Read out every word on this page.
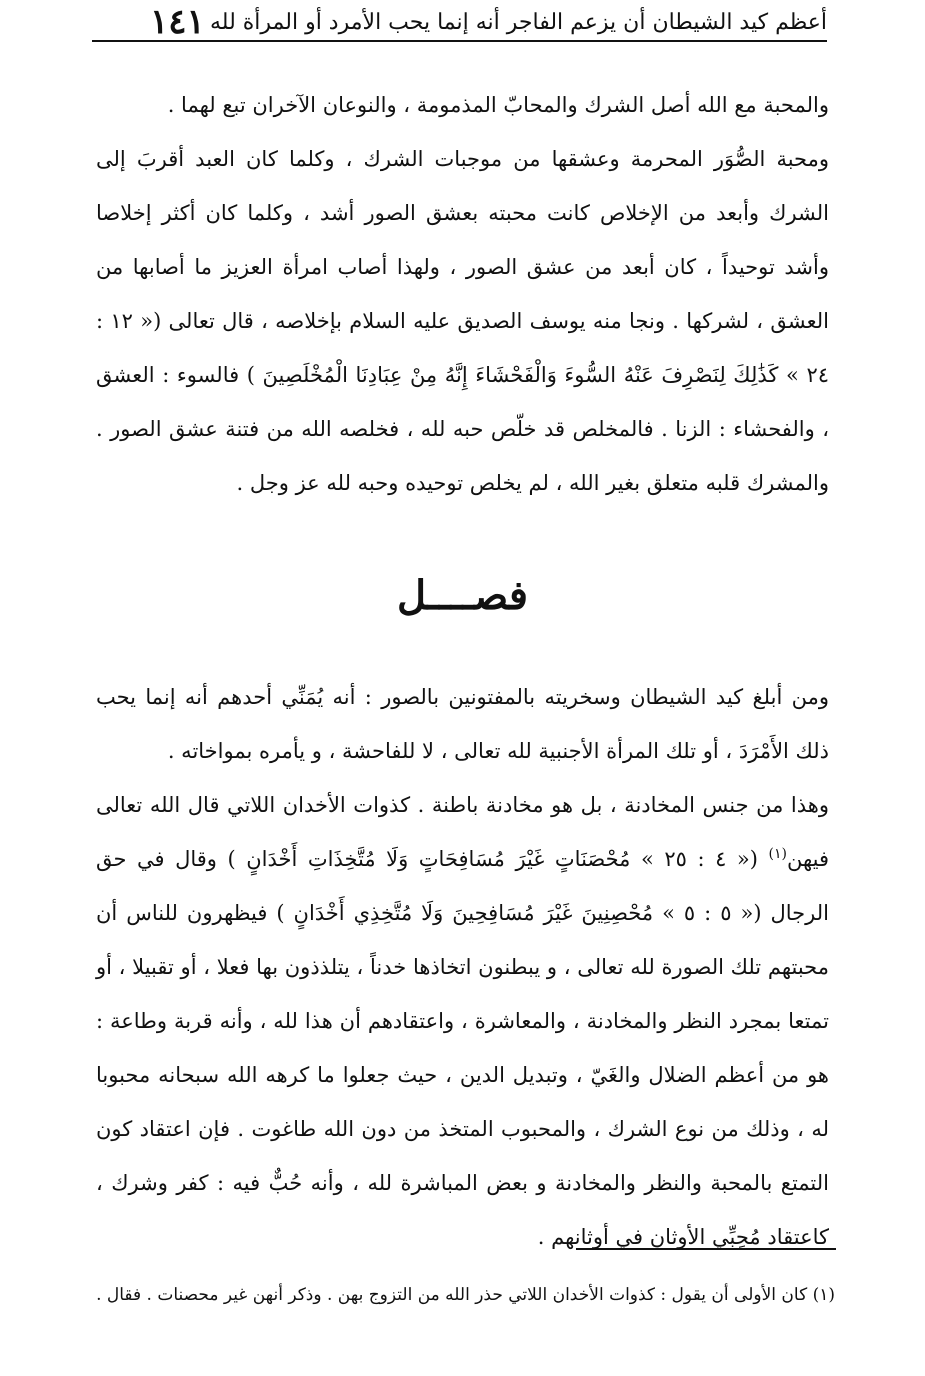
أعظم كيد الشيطان أن يزعم الفاجر أنه إنما يحب الأمرد أو المرأة لله
١٤١

والمحبة مع الله أصل الشرك والمحابّ المذمومة ، والنوعان الآخران تبع لهما .

ومحبة الصُّوَر المحرمة وعشقها من موجبات الشرك ، وكلما كان العبد أقربَ إلى الشرك وأبعد من الإخلاص كانت محبته بعشق الصور أشد ، وكلما كان أكثر إخلاصا وأشد توحيداً ، كان أبعد من عشق الصور ، ولهذا أصاب امرأة العزيز ما أصابها من العشق ، لشركها . ونجا منه يوسف الصديق عليه السلام بإخلاصه ، قال تعالى (« ١٢ : ٢٤ » كَذَٰلِكَ لِنَصْرِفَ عَنْهُ السُّوءَ وَالْفَحْشَاءَ إِنَّهُ مِنْ عِبَادِنَا الْمُخْلَصِينَ ) فالسوء : العشق ، والفحشاء : الزنا . فالمخلص قد خلّص حبه لله ، فخلصه الله من فتنة عشق الصور . والمشرك قلبه متعلق بغير الله ، لم يخلص توحيده وحبه لله عز وجل .

فصــــل

ومن أبلغ كيد الشيطان وسخريته بالمفتونين بالصور : أنه يُمَنِّي أحدهم أنه إنما يحب ذلك الأَمْرَدَ ، أو تلك المرأة الأجنبية لله تعالى ، لا للفاحشة ، و يأمره بمواخاته .

وهذا من جنس المخادنة ، بل هو مخادنة باطنة . كذوات الأخدان اللاتي قال الله تعالى فيهن$^{(١)}$ (« ٤ : ٢٥ » مُحْصَنَاتٍ غَيْرَ مُسَافِحَاتٍ وَلَا مُتَّخِذَاتِ أَخْدَانٍ ) وقال في حق الرجال (« ٥ : ٥ » مُحْصِنِينَ غَيْرَ مُسَافِحِينَ وَلَا مُتَّخِذِي أَخْدَانٍ ) فيظهرون للناس أن محبتهم تلك الصورة لله تعالى ، و يبطنون اتخاذها خدناً ، يتلذذون بها فعلا ، أو تقبيلا ، أو تمتعا بمجرد النظر والمخادنة ، والمعاشرة ، واعتقادهم أن هذا لله ، وأنه قربة وطاعة : هو من أعظم الضلال والغَيّ ، وتبديل الدين ، حيث جعلوا ما كرهه الله سبحانه محبوبا له ، وذلك من نوع الشرك ، والمحبوب المتخذ من دون الله طاغوت . فإن اعتقاد كون التمتع بالمحبة والنظر والمخادنة و بعض المباشرة لله ، وأنه حُبٌّ فيه : كفر وشرك ، كاعتقاد مُحِبِّي الأوثان في أوثانهم .

(١) كان الأولى أن يقول : كذوات الأخدان اللاتي حذر الله من التزوج بهن . وذكر أنهن غير محصنات . فقال .
